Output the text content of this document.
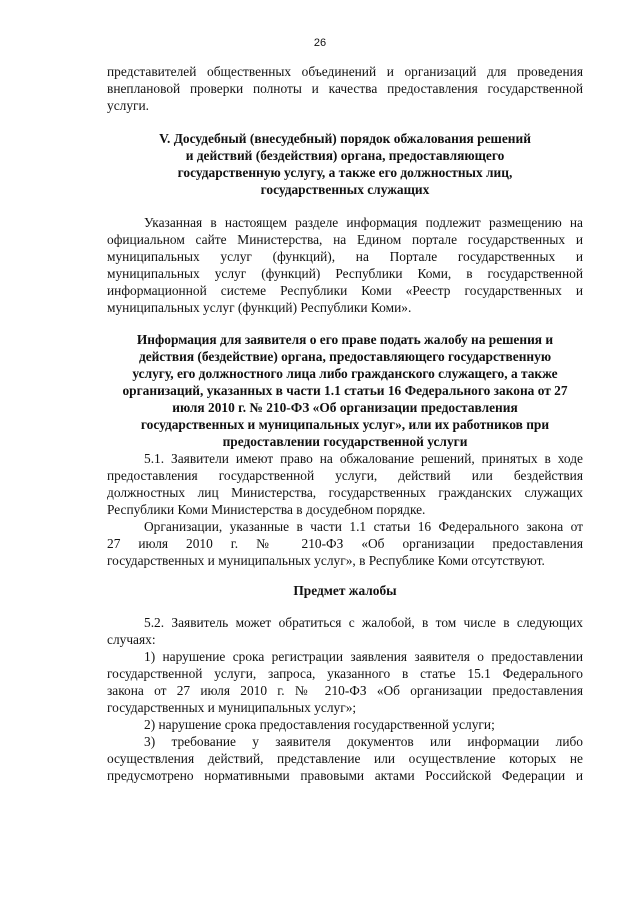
26

представителей общественных объединений и организаций для проведения

внеплановой проверки полноты и качества предоставления государственной

услуги.

V. Досудебный (внесудебный) порядок обжалования решений

и действий (бездействия) органа, предоставляющего

государственную услугу, а также его должностных лиц,

государственных служащих

Указанная в настоящем разделе информация подлежит размещению на

официальном сайте Министерства, на Едином портале государственных и

муниципальных услуг (функций), на Портале государственных и

муниципальных услуг (функций) Республики Коми, в государственной

информационной системе Республики Коми «Реестр государственных и

муниципальных услуг (функций) Республики Коми».

Информация для заявителя о его праве подать жалобу на решения и

действия (бездействие) органа, предоставляющего государственную

услугу, его должностного лица либо гражданского служащего, а также

организаций, указанных в части 1.1 статьи 16 Федерального закона от 27

июля 2010 г. № 210-ФЗ «Об организации предоставления

государственных и муниципальных услуг», или их работников при

предоставлении государственной услуги

5.1. Заявители имеют право на обжалование решений, принятых в ходе

предоставления государственной услуги, действий или бездействия

должностных лиц Министерства, государственных гражданских служащих

Республики Коми Министерства в досудебном порядке.

Организации, указанные в части 1.1 статьи 16 Федерального закона от

27 июля 2010 г. № 210-ФЗ «Об организации предоставления

государственных и муниципальных услуг», в Республике Коми отсутствуют.

Предмет жалобы

5.2. Заявитель может обратиться с жалобой, в том числе в следующих

случаях:

1) нарушение срока регистрации заявления заявителя о предоставлении

государственной услуги, запроса, указанного в статье 15.1 Федерального

закона от 27 июля 2010 г. № 210-ФЗ «Об организации предоставления

государственных и муниципальных услуг»;

2) нарушение срока предоставления государственной услуги;

3) требование у заявителя документов или информации либо

осуществления действий, представление или осуществление которых не

предусмотрено нормативными правовыми актами Российской Федерации и
